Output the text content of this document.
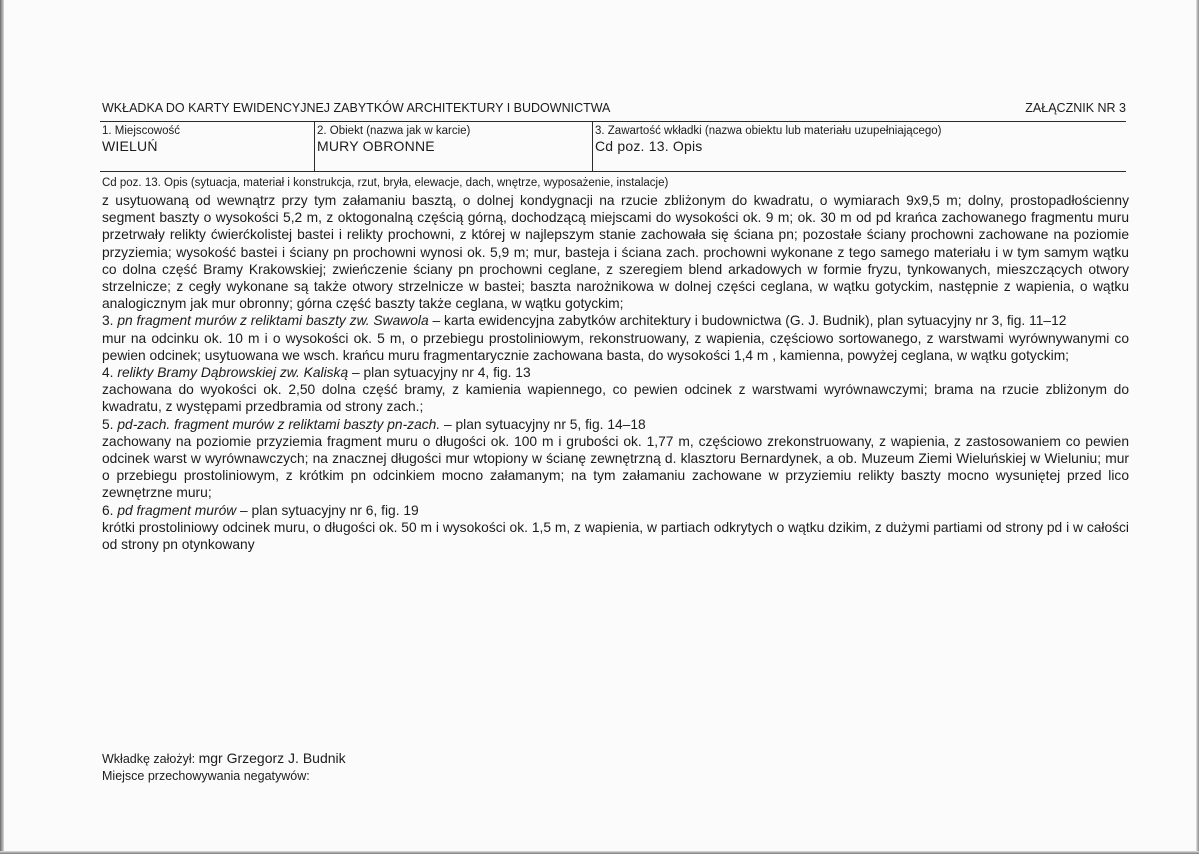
WKŁADKA DO KARTY EWIDENCYJNEJ ZABYTKÓW ARCHITEKTURY I BUDOWNICTWA	ZAŁĄCZNIK NR 3
1. Miejscowość
WIELUŃ
2. Obiekt (nazwa jak w karcie)
MURY OBRONNE
3. Zawartość wkładki (nazwa obiektu lub materiału uzupełniającego)
Cd poz. 13. Opis
Cd poz. 13. Opis (sytuacja, materiał i konstrukcja, rzut, bryła, elewacje, dach, wnętrze, wyposażenie, instalacje)

z usytuowaną od wewnątrz przy tym załamaniu basztą, o dolnej kondygnacji na rzucie zbliżonym do kwadratu, o wymiarach 9x9,5 m; dolny, prostopadłościenny segment baszty o wysokości 5,2 m, z oktogonalną częścią górną, dochodzącą miejscami do wysokości ok. 9 m; ok. 30 m od pd krańca zachowanego fragmentu muru przetrwały relikty ćwierćkolistej bastei i relikty prochowni, z której w najlepszym stanie zachowała się ściana pn; pozostałe ściany prochowni zachowane na poziomie przyziemia; wysokość bastei i ściany pn prochowni wynosi ok. 5,9 m; mur, basteja i ściana zach. prochowni wykonane z tego samego materiału i w tym samym wątku co dolna część Bramy Krakowskiej; zwieńczenie ściany pn prochowni ceglane, z szeregiem blend arkadowych w formie fryzu, tynkowanych, mieszczących otwory strzelnicze; z cegły wykonane są także otwory strzelnicze w bastei; baszta narożnikowa w dolnej części ceglana, w wątku gotyckim, następnie z wapienia, o wątku analogicznym jak mur obronny; górna część baszty także ceglana, w wątku gotyckim;

3. pn fragment murów z reliktami baszty zw. Swawola – karta ewidencyjna zabytków architektury i budownictwa (G. J. Budnik), plan sytuacyjny nr 3, fig. 11–12

mur na odcinku ok. 10 m i o wysokości ok. 5 m, o przebiegu prostoliniowym, rekonstruowany, z wapienia, częściowo sortowanego, z warstwami wyrównywanymi co pewien odcinek; usytuowana we wsch. krańcu muru fragmentarycznie zachowana basta, do wysokości 1,4 m , kamienna, powyżej ceglana, w wątku gotyckim;

4. relikty Bramy Dąbrowskiej zw. Kaliską – plan sytuacyjny nr 4, fig. 13

zachowana do wyokości ok. 2,50 dolna część bramy, z kamienia wapiennego, co pewien odcinek z warstwami wyrównawczymi; brama na rzucie zbliżonym do kwadratu, z występami przedbramia od strony zach.;

5. pd-zach. fragment murów z reliktami baszty pn-zach. – plan sytuacyjny nr 5, fig. 14–18

zachowany na poziomie przyziemia fragment muru o długości ok. 100 m i grubości ok. 1,77 m, częściowo zrekonstruowany, z wapienia, z zastosowaniem co pewien odcinek warst w wyrównawczych; na znacznej długości mur wtopiony w ścianę zewnętrzną d. klasztoru Bernardynek, a ob. Muzeum Ziemi Wieluńskiej w Wieluniu; mur o przebiegu prostoliniowym, z krótkim pn odcinkiem mocno załamanym; na tym załamaniu zachowane w przyziemiu relikty baszty mocno wysuniętej przed lico zewnętrzne muru;

6. pd fragment murów – plan sytuacyjny nr 6, fig. 19

krótki prostoliniowy odcinek muru, o długości ok. 50 m i wysokości ok. 1,5 m, z wapienia, w partiach odkrytych o wątku dzikim, z dużymi partiami od strony pd i w całości od strony pn otynkowany

Wkładkę założył: mgr Grzegorz J. Budnik
Miejsce przechowywania negatywów:
